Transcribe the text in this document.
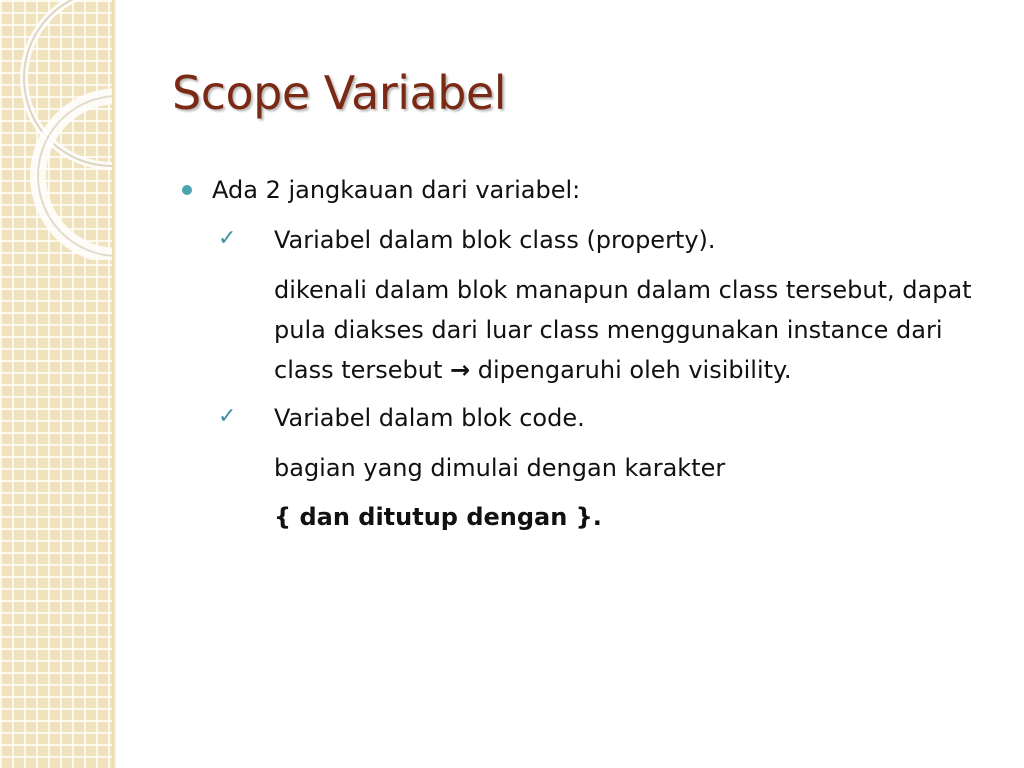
Scope Variabel
Ada 2 jangkauan dari variabel:
✓ Variabel dalam blok class (property).
dikenali dalam blok manapun dalam class tersebut, dapat pula diakses dari luar class menggunakan instance dari class tersebut → dipengaruhi oleh visibility.
✓ Variabel dalam blok code.
bagian yang dimulai dengan karakter
{ dan ditutup dengan }.
